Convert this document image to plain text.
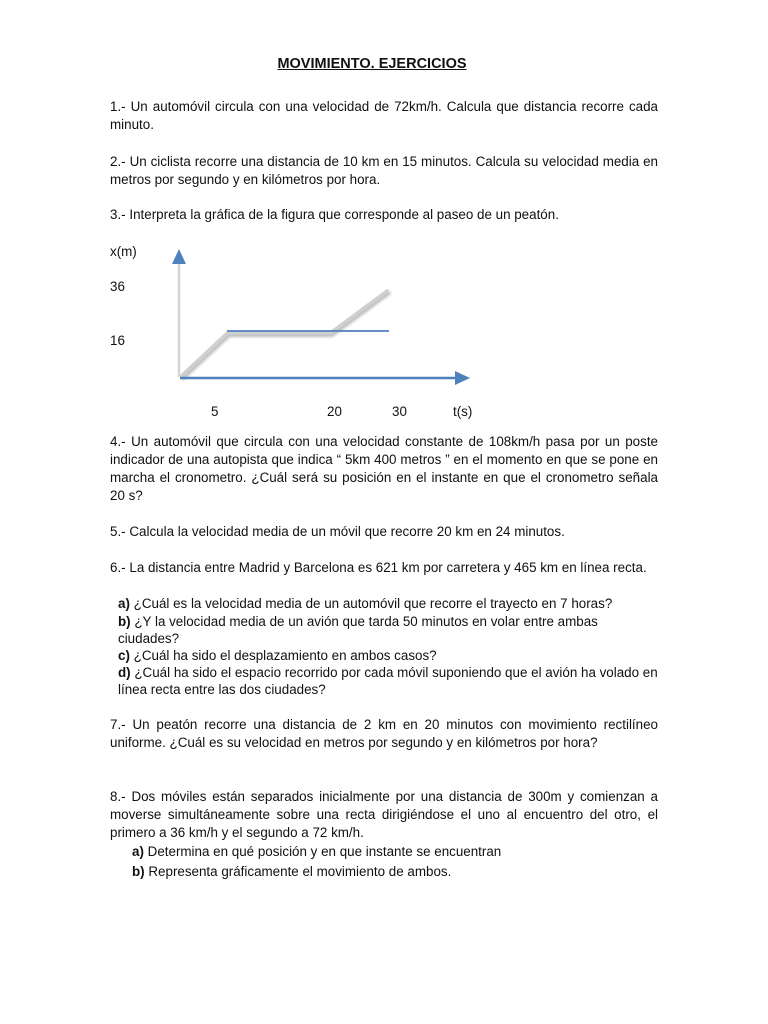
MOVIMIENTO. EJERCICIOS

1.- Un automóvil circula con una velocidad de 72km/h. Calcula que distancia recorre cada minuto.

2.- Un ciclista recorre una distancia de 10 km en 15 minutos. Calcula su velocidad media en metros por segundo y en kilómetros por hora.

3.- Interpreta la gráfica de la figura que corresponde al paseo de un peatón.

x(m)
36
16
5	20	30	t(s)

4.- Un automóvil que circula con una velocidad constante de 108km/h pasa por un poste indicador de una autopista que indica “ 5km 400 metros ” en el momento en que se pone en marcha el cronometro. ¿Cuál será su posición en el instante en que el cronometro señala 20 s?

5.- Calcula la velocidad media de un móvil que recorre 20 km en 24 minutos.

6.- La distancia entre Madrid y Barcelona es 621 km por carretera y 465 km en línea recta.

a) ¿Cuál es la velocidad media de un automóvil que recorre el trayecto en 7 horas?
b) ¿Y la velocidad media de un avión que tarda 50 minutos en volar entre ambas ciudades?
c) ¿Cuál ha sido el desplazamiento en ambos casos?
d) ¿Cuál ha sido el espacio recorrido por cada móvil suponiendo que el avión ha volado en línea recta entre las dos ciudades?

7.- Un peatón recorre una distancia de 2 km en 20 minutos con movimiento rectilíneo uniforme. ¿Cuál es su velocidad en metros por segundo y en kilómetros por hora?

8.- Dos móviles están separados inicialmente por una distancia de 300m y comienzan a moverse simultáneamente sobre una recta dirigiéndose el uno al encuentro del otro, el primero a 36 km/h y el segundo a 72 km/h.

a) Determina en qué posición y en que instante se encuentran
b) Representa gráficamente el movimiento de ambos.
